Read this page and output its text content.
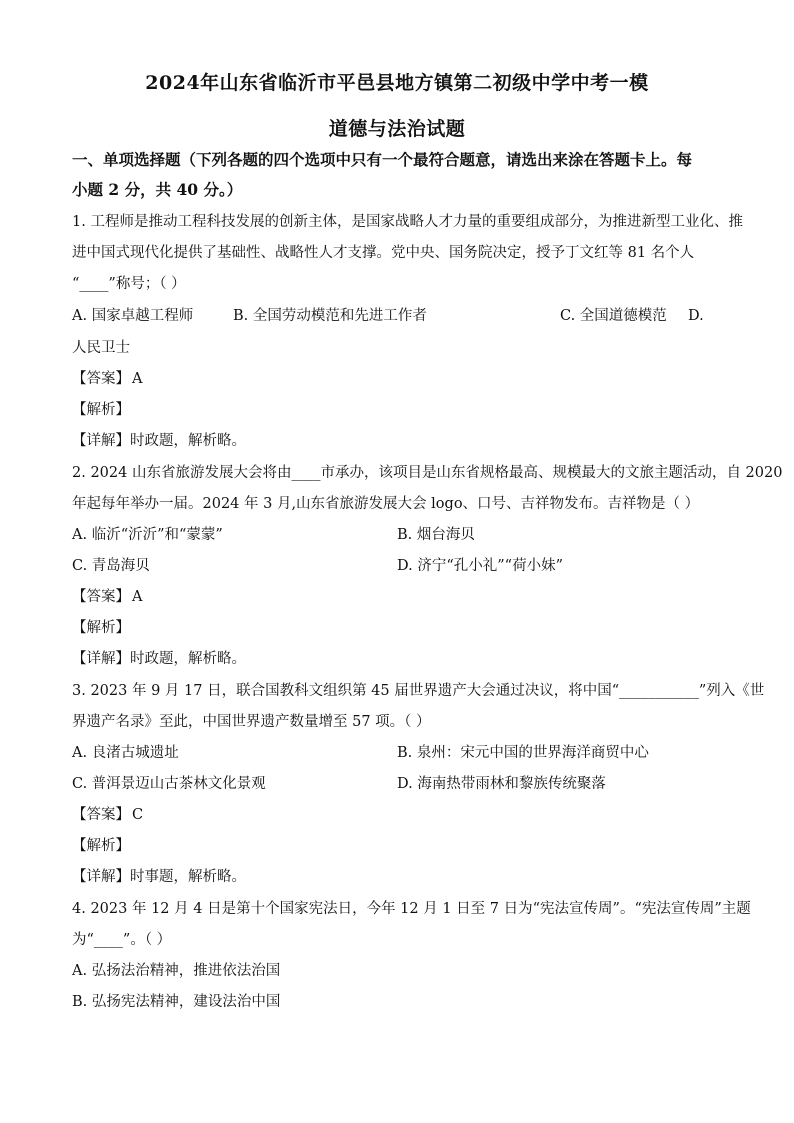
2024年山东省临沂市平邑县地方镇第二初级中学中考一模
道德与法治试题
一、单项选择题（下列各题的四个选项中只有一个最符合题意，请选出来涂在答题卡上。每
小题 2 分，共 40 分。）
1. 工程师是推动工程科技发展的创新主体，是国家战略人才力量的重要组成部分，为推进新型工业化、推
进中国式现代化提供了基础性、战略性人才支撑。党中央、国务院决定，授予丁文红等 81 名个人
“____”称号；（ ）
A. 国家卓越工程师	B. 全国劳动模范和先进工作者	C. 全国道德模范 D.
人民卫士
【答案】 A
【解析】
【详解】时政题，解析略。
2. 2024 山东省旅游发展大会将由____市承办，该项目是山东省规格最高、规模最大的文旅主题活动，自 2020
年起每年举办一届。2024 年 3 月,山东省旅游发展大会 logo、口号、吉祥物发布。吉祥物是（ ）
A. 临沂“沂沂”和“蒙蒙”	B. 烟台海贝
C. 青岛海贝	D. 济宁“孔小礼”“荷小妹”
【答案】 A
【解析】
【详解】时政题，解析略。
3. 2023 年 9 月 17 日，联合国教科文组织第 45 届世界遗产大会通过决议，将中国“___________”列入《世
界遗产名录》至此，中国世界遗产数量增至 57 项。（ ）
A. 良渚古城遗址	B. 泉州：宋元中国的世界海洋商贸中心
C. 普洱景迈山古茶林文化景观	D. 海南热带雨林和黎族传统聚落
【答案】 C
【解析】
【详解】时事题，解析略。
4. 2023 年 12 月 4 日是第十个国家宪法日，今年 12 月 1 日至 7 日为“宪法宣传周”。“宪法宣传周”主题
为“____”。（ ）
A. 弘扬法治精神，推进依法治国
B. 弘扬宪法精神，建设法治中国
